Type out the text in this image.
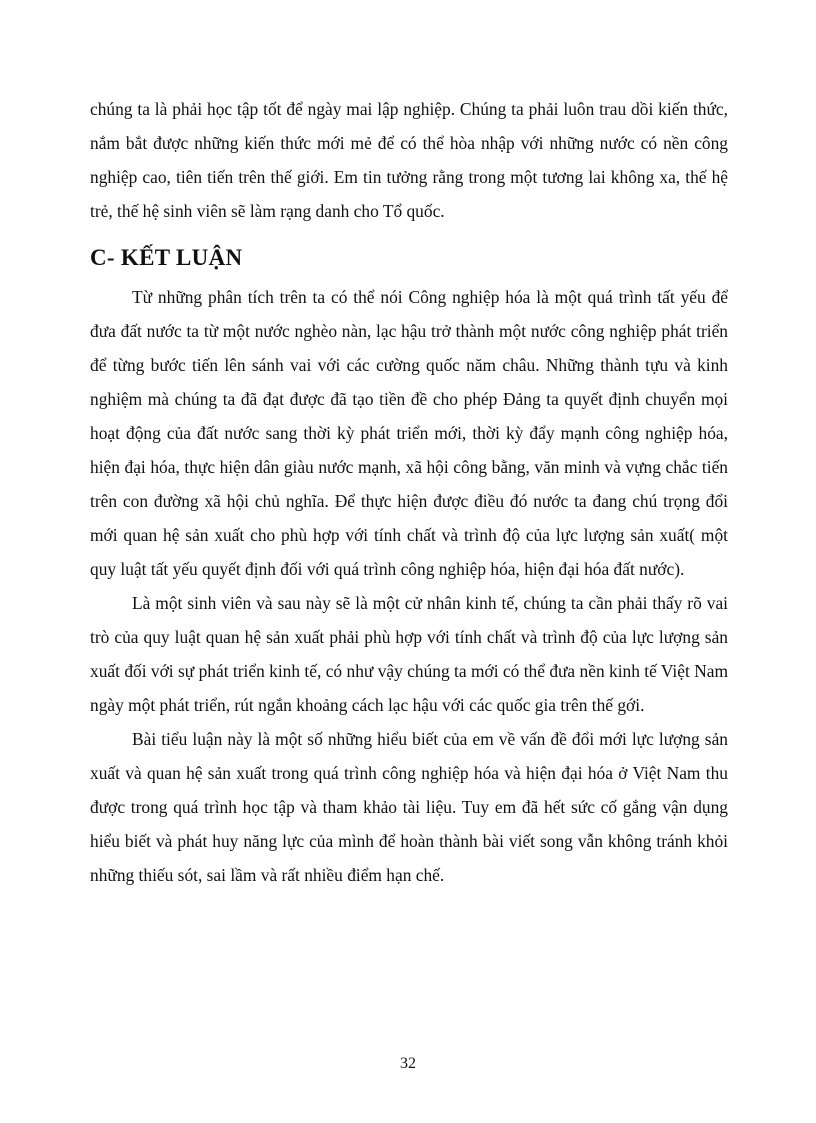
chúng ta là phải học tập tốt để ngày mai lập nghiệp. Chúng ta phải luôn trau dồi kiến thức, nắm bắt được những kiến thức mới mẻ để có thể hòa nhập với những nước có nền công nghiệp cao, tiên tiến trên thế giới. Em tin tưởng rằng trong một tương lai không xa, thế hệ trẻ, thế hệ sinh viên sẽ làm rạng danh cho Tổ quốc.

C- KẾT LUẬN

Từ những phân tích trên ta có thể nói Công nghiệp hóa là một quá trình tất yếu để đưa đất nước ta từ một nước nghèo nàn, lạc hậu trở thành một nước công nghiệp phát triển để từng bước tiến lên sánh vai với các cường quốc năm châu. Những thành tựu và kinh nghiệm mà chúng ta đã đạt được đã tạo tiền đề cho phép Đảng ta quyết định chuyển mọi hoạt động của đất nước sang thời kỳ phát triển mới, thời kỳ đẩy mạnh công nghiệp hóa, hiện đại hóa, thực hiện dân giàu nước mạnh, xã hội công bằng, văn minh và vựng chắc tiến trên con đường xã hội chủ nghĩa. Để thực hiện được điều đó nước ta đang chú trọng đổi mới quan hệ sản xuất cho phù hợp với tính chất và trình độ của lực lượng sản xuất( một quy luật tất yếu quyết định đối với quá trình công nghiệp hóa, hiện đại hóa đất nước).

Là một sinh viên và sau này sẽ là một cử nhân kinh tế, chúng ta cần phải thấy rõ vai trò của quy luật quan hệ sản xuất phải phù hợp với tính chất và trình độ của lực lượng sản xuất đối với sự phát triển kinh tế, có như vậy chúng ta mới có thể đưa nền kinh tế Việt Nam ngày một phát triển, rút ngắn khoảng cách lạc hậu với các quốc gia trên thế gới.

Bài tiểu luận này là một số những hiểu biết của em về vấn đề đổi mới lực lượng sản xuất và quan hệ sản xuất trong quá trình công nghiệp hóa và hiện đại hóa ở Việt Nam thu được trong quá trình học tập và tham khảo tài liệu. Tuy em đã hết sức cố gắng vận dụng hiểu biết và phát huy năng lực của mình để hoàn thành bài viết song vẫn không tránh khỏi những thiếu sót, sai lầm và rất nhiều điểm hạn chế.

32
